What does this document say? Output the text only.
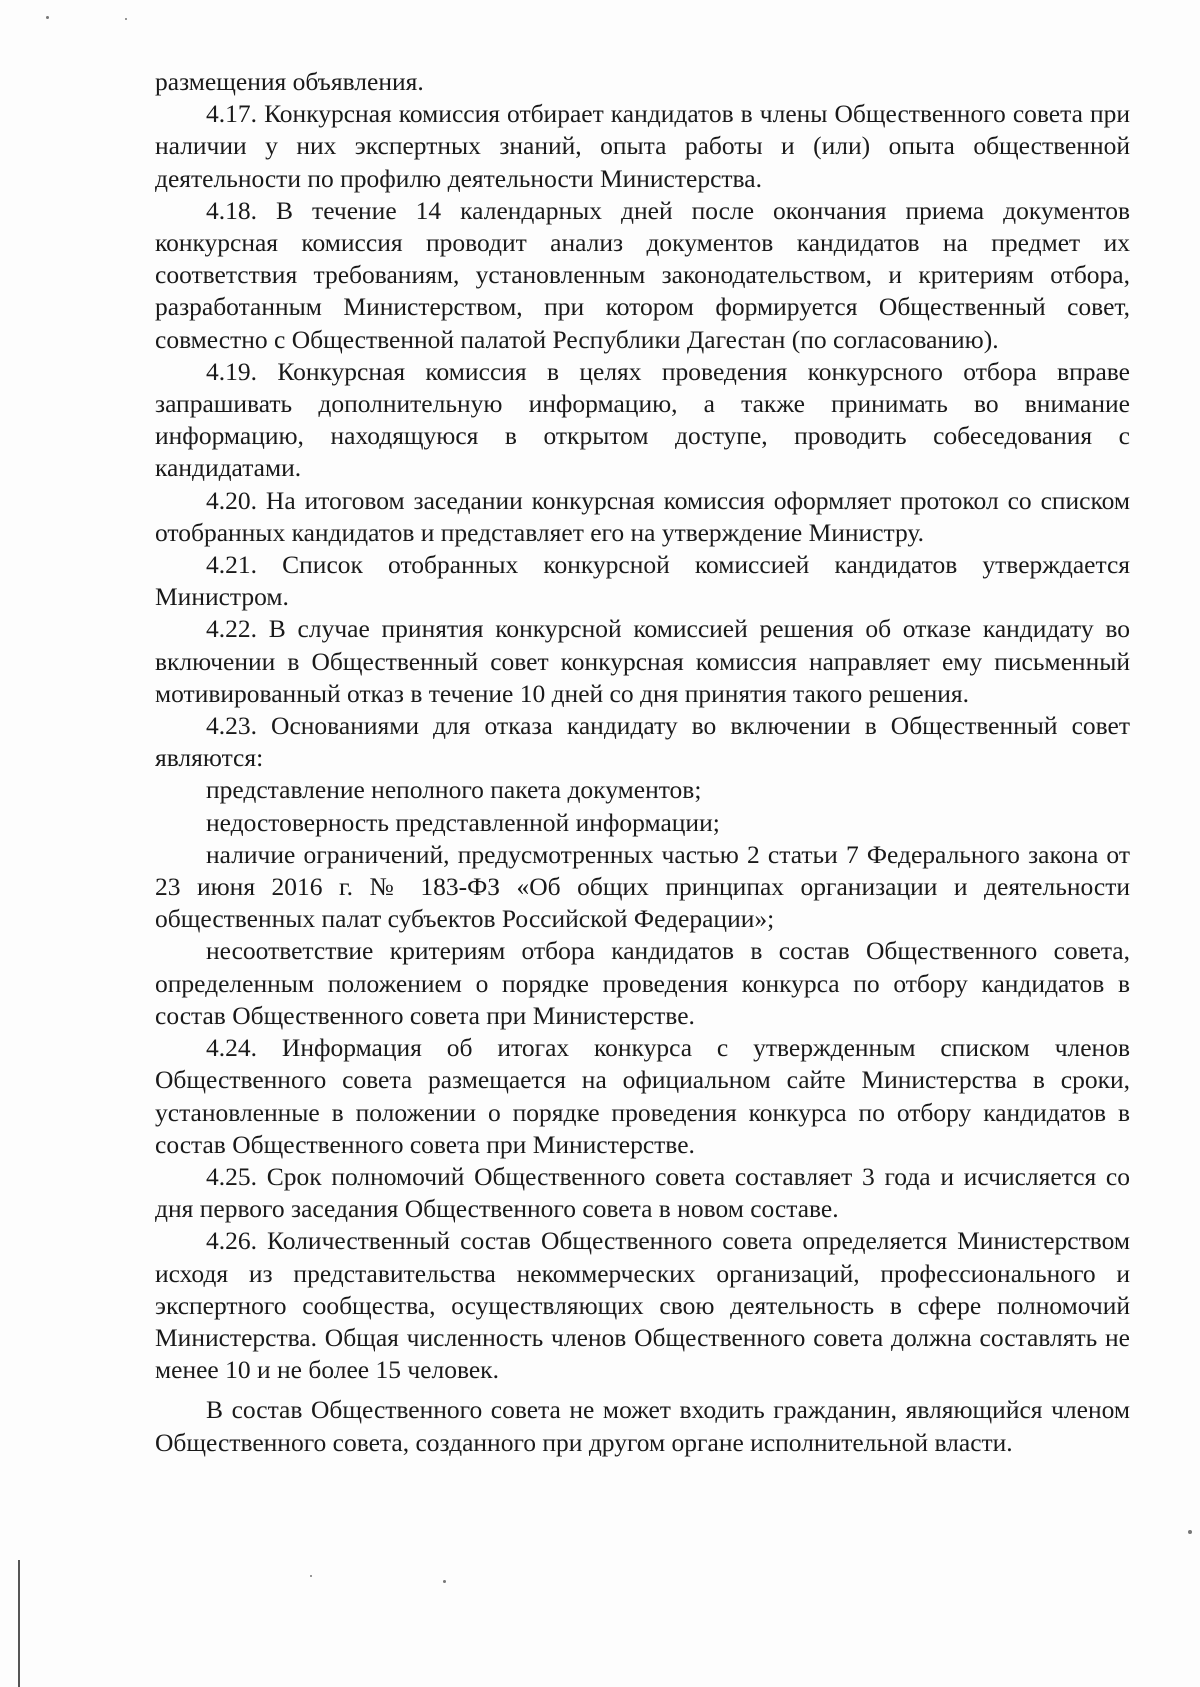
размещения объявления.

4.17. Конкурсная комиссия отбирает кандидатов в члены Общественного совета при наличии у них экспертных знаний, опыта работы и (или) опыта общественной деятельности по профилю деятельности Министерства.

4.18. В течение 14 календарных дней после окончания приема документов конкурсная комиссия проводит анализ документов кандидатов на предмет их соответствия требованиям, установленным законодательством, и критериям отбора, разработанным Министерством, при котором формируется Общественный совет, совместно с Общественной палатой Республики Дагестан (по согласованию).

4.19. Конкурсная комиссия в целях проведения конкурсного отбора вправе запрашивать дополнительную информацию, а также принимать во внимание информацию, находящуюся в открытом доступе, проводить собеседования с кандидатами.

4.20. На итоговом заседании конкурсная комиссия оформляет протокол со списком отобранных кандидатов и представляет его на утверждение Министру.

4.21. Список отобранных конкурсной комиссией кандидатов утверждается Министром.

4.22. В случае принятия конкурсной комиссией решения об отказе кандидату во включении в Общественный совет конкурсная комиссия направляет ему письменный мотивированный отказ в течение 10 дней со дня принятия такого решения.

4.23. Основаниями для отказа кандидату во включении в Общественный совет являются:

представление неполного пакета документов;

недостоверность представленной информации;

наличие ограничений, предусмотренных частью 2 статьи 7 Федерального закона от 23 июня 2016 г. № 183-ФЗ «Об общих принципах организации и деятельности общественных палат субъектов Российской Федерации»;

несоответствие критериям отбора кандидатов в состав Общественного совета, определенным положением о порядке проведения конкурса по отбору кандидатов в состав Общественного совета при Министерстве.

4.24. Информация об итогах конкурса с утвержденным списком членов Общественного совета размещается на официальном сайте Министерства в сроки, установленные в положении о порядке проведения конкурса по отбору кандидатов в состав Общественного совета при Министерстве.

4.25. Срок полномочий Общественного совета составляет 3 года и исчисляется со дня первого заседания Общественного совета в новом составе.

4.26. Количественный состав Общественного совета определяется Министерством исходя из представительства некоммерческих организаций, профессионального и экспертного сообщества, осуществляющих свою деятельность в сфере полномочий Министерства. Общая численность членов Общественного совета должна составлять не менее 10 и не более 15 человек.

В состав Общественного совета не может входить гражданин, являющийся членом Общественного совета, созданного при другом органе исполнительной власти.
